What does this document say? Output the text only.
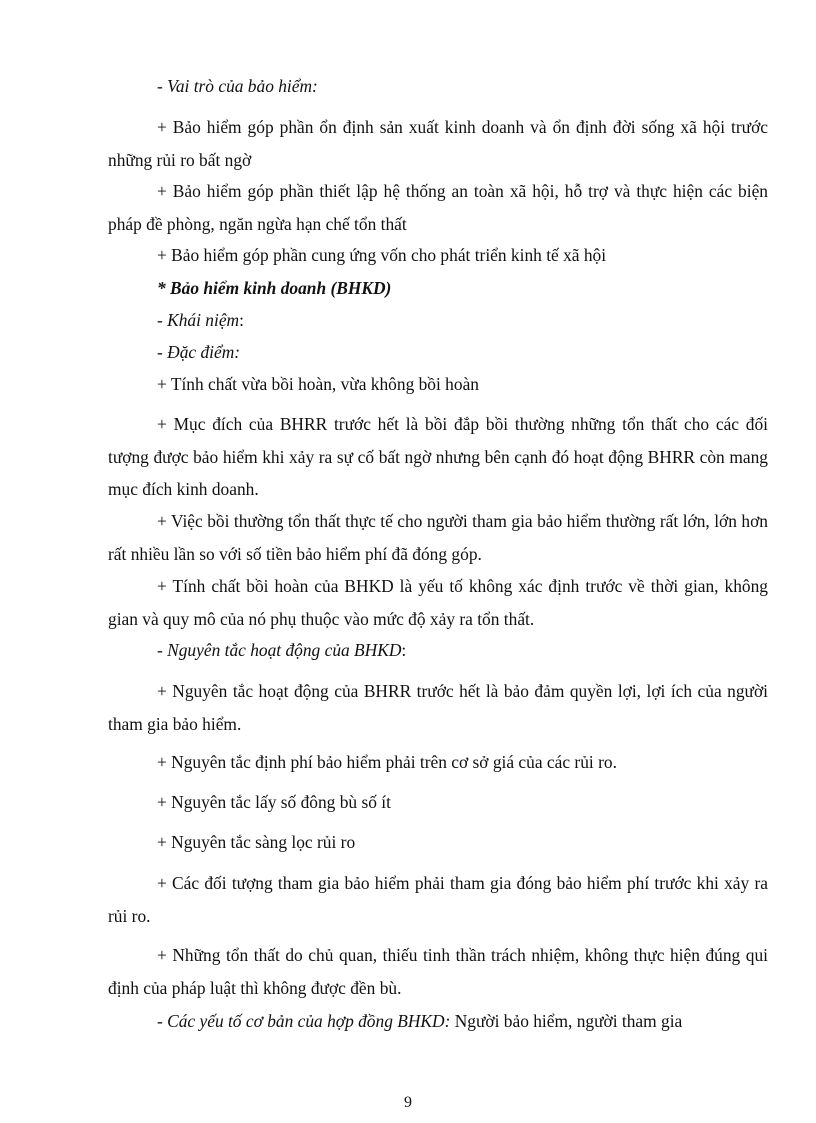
- Vai trò của bảo hiểm:

+ Bảo hiểm góp phần ổn định sản xuất kinh doanh và ổn định đời sống xã hội trước những rủi ro bất ngờ

+ Bảo hiểm góp phần thiết lập hệ thống an toàn xã hội, hỗ trợ và thực hiện các biện pháp đề phòng, ngăn ngừa hạn chế tổn thất

+ Bảo hiểm góp phần cung ứng vốn cho phát triển kinh tế xã hội

* Bảo hiểm kinh doanh (BHKD)

- Khái niệm:

- Đặc điểm:

+ Tính chất vừa bồi hoàn, vừa không bồi hoàn

+ Mục đích của BHRR trước hết là bồi đắp bồi thường những tổn thất cho các đối tượng được bảo hiểm khi xảy ra sự cố bất ngờ nhưng bên cạnh đó hoạt động BHRR còn mang mục đích kinh doanh.

+ Việc bồi thường tổn thất thực tế cho người tham gia bảo hiểm thường rất lớn, lớn hơn rất nhiều lần so với số tiền bảo hiểm phí đã đóng góp.

+ Tính chất bồi hoàn của BHKD là yếu tố không xác định trước về thời gian, không gian và quy mô của nó phụ thuộc vào mức độ xảy ra tổn thất.

- Nguyên tắc hoạt động của BHKD:

+ Nguyên tắc hoạt động của BHRR trước hết là bảo đảm quyền lợi, lợi ích của người tham gia bảo hiểm.

+ Nguyên tắc định phí bảo hiểm phải trên cơ sở giá của các rủi ro.

+ Nguyên tắc lấy số đông bù số ít

+ Nguyên tắc sàng lọc rủi ro

+ Các đối tượng tham gia bảo hiểm phải tham gia đóng bảo hiểm phí trước khi xảy ra rủi ro.

+ Những tổn thất do chủ quan, thiếu tinh thần trách nhiệm, không thực hiện đúng qui định của pháp luật thì không được đền bù.

- Các yếu tố cơ bản của hợp đồng BHKD: Người bảo hiểm, người tham gia

9
